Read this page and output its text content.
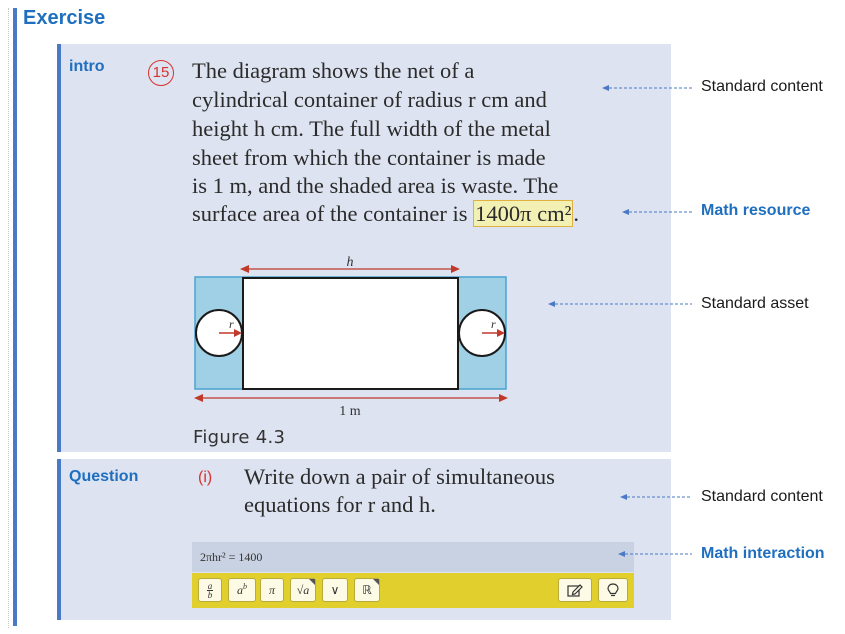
Exercise
intro	15 The diagram shows the net of a
cylindrical container of radius r cm and
height h cm. The full width of the metal
sheet from which the container is made
is 1 m, and the shaded area is waste. The
surface area of the container is 1400π cm².
r	r
h
1 m
Figure 4.3
Question	(i) Write down a pair of simultaneous
equations for r and h.
2πhr² = 1400
a
b $a^b$ π √a ∨ ℝ
Standard content
Math resource
Standard asset
Standard content
Math interaction
